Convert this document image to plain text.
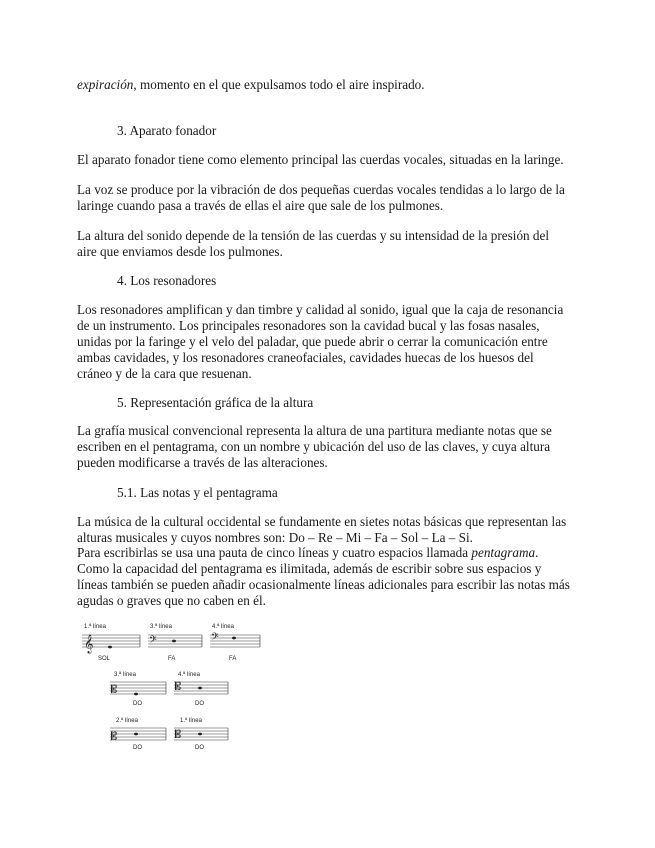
expiración, momento en el que expulsamos todo el aire inspirado.
3. Aparato fonador
El aparato fonador tiene como elemento principal las cuerdas vocales, situadas en la laringe.
La voz se produce por la vibración de dos pequeñas cuerdas vocales tendidas a lo largo de la
laringe cuando pasa a través de ellas el aire que sale de los pulmones.
La altura del sonido depende de la tensión de las cuerdas y su intensidad de la presión del
aire que enviamos desde los pulmones.
4. Los resonadores
Los resonadores amplifican y dan timbre y calidad al sonido, igual que la caja de resonancia
de un instrumento. Los principales resonadores son la cavidad bucal y las fosas nasales,
unidas por la faringe y el velo del paladar, que puede abrir o cerrar la comunicación entre
ambas cavidades, y los resonadores craneofaciales, cavidades huecas de los huesos del
cráneo y de la cara que resuenan.
5. Representación gráfica de la altura
La grafía musical convencional representa la altura de una partitura mediante notas que se
escriben en el pentagrama, con un nombre y ubicación del uso de las claves, y cuya altura
pueden modificarse a través de las alteraciones.
5.1. Las notas y el pentagrama
La música de la cultural occidental se fundamente en sietes notas básicas que representan las
alturas musicales y cuyos nombres son: Do – Re – Mi – Fa – Sol – La – Si.
Para escribirlas se usa una pauta de cinco líneas y cuatro espacios llamada pentagrama.
Como la capacidad del pentagrama es ilimitada, además de escribir sobre sus espacios y
líneas también se pueden añadir ocasionalmente líneas adicionales para escribir las notas más
agudas o graves que no caben en él.
1.ª línea
𝄞
SOL
3.ª línea
𝄢
FA
4.ª línea
𝄢
FA
3.ª línea
𝄡
DO
4.ª línea
𝄡
DO
2.ª línea
𝄡
DO
1.ª línea
𝄡
DO
